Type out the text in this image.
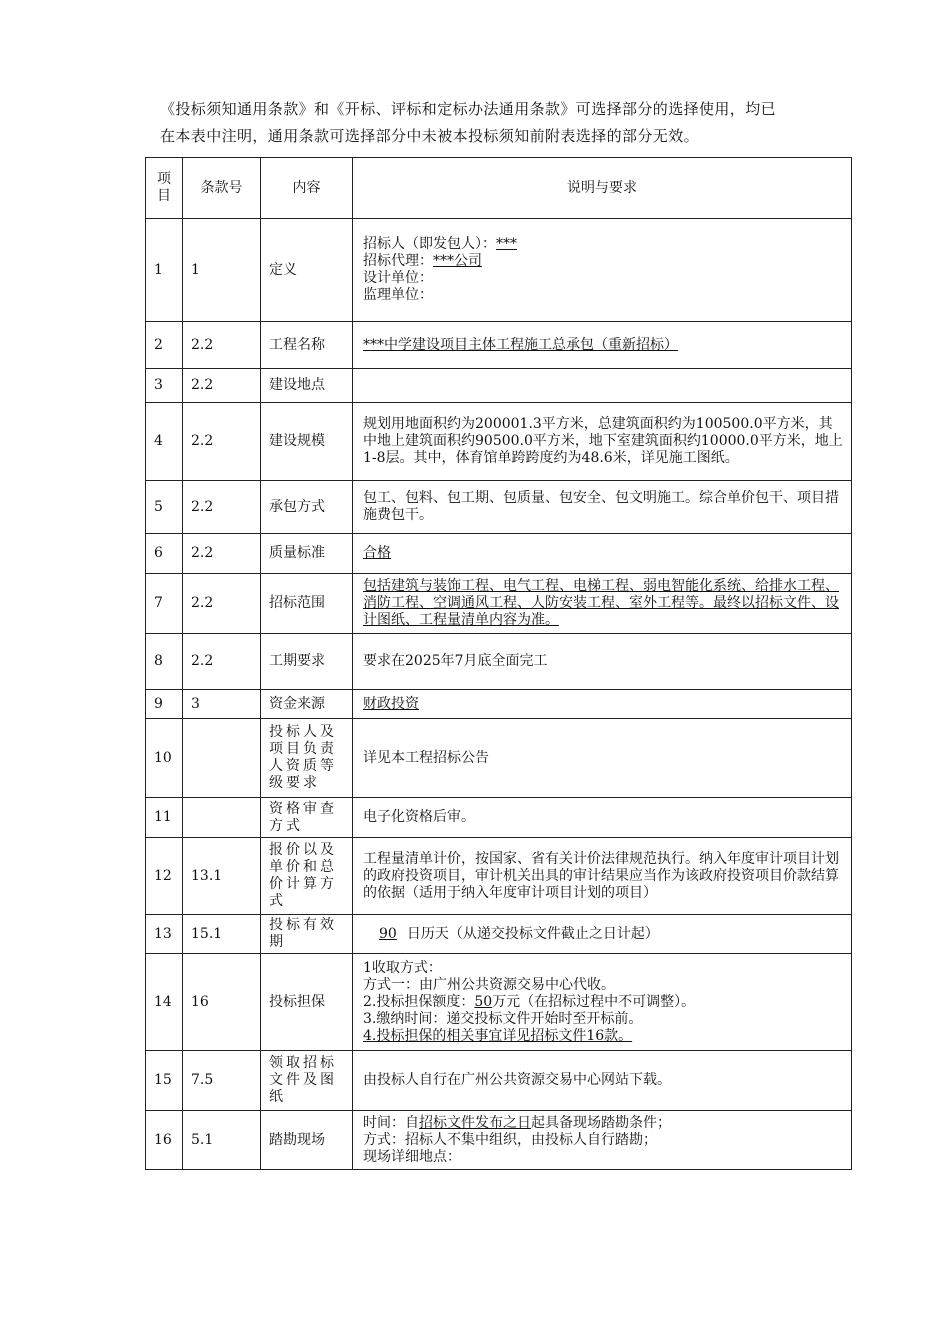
《投标须知通用条款》和《开标、评标和定标办法通用条款》可选择部分的选择使用，均已

在本表中注明，通用条款可选择部分中未被本投标须知前附表选择的部分无效。

项目	条款号	内容	说明与要求
1	1	定义	招标人（即发包人）：***
招标代理：***公司
设计单位：
监理单位：

2	2.2	工程名称	***中学建设项目主体工程施工总承包（重新招标）
3	2.2	建设地点	
4	2.2	建设规模	规划用地面积约为200001.3平方米，总建筑面积约为100500.0平方米，其中地上建筑面积约90500.0平方米，地下室建筑面积约10000.0平方米，地上1-8层。其中，体育馆单跨跨度约为48.6米，详见施工图纸。
5	2.2	承包方式	包工、包料、包工期、包质量、包安全、包文明施工。综合单价包干、项目措施费包干。
6	2.2	质量标准	合格
7	2.2	招标范围	包括建筑与装饰工程、电气工程、电梯工程、弱电智能化系统、给排水工程、消防工程、空调通风工程、人防安装工程、室外工程等。最终以招标文件、设计图纸、工程量清单内容为准。
8	2.2	工期要求	要求在2025年7月底全面完工
9	3	资金来源	财政投资
10		投标人及项目负责人资质等级要求	详见本工程招标公告
11		资格审查方式	电子化资格后审。
12	13.1	报价以及单价和总价计算方式	工程量清单计价，按国家、省有关计价法律规范执行。纳入年度审计项目计划的政府投资项目，审计机关出具的审计结果应当作为该政府投资项目价款结算的依据（适用于纳入年度审计项目计划的项目）
13	15.1	投标有效期	90 日历天（从递交投标文件截止之日计起）
14	16	投标担保	1收取方式：
方式一：由广州公共资源交易中心代收。
2.投标担保额度：50万元（在招标过程中不可调整）。
3.缴纳时间：递交投标文件开始时至开标前。
4.投标担保的相关事宜详见招标文件16款。

15	7.5	领取招标文件及图纸	由投标人自行在广州公共资源交易中心网站下载。
16	5.1	踏勘现场	时间：自招标文件发布之日起具备现场踏勘条件；
方式：招标人不集中组织，由投标人自行踏勘；
现场详细地点：
